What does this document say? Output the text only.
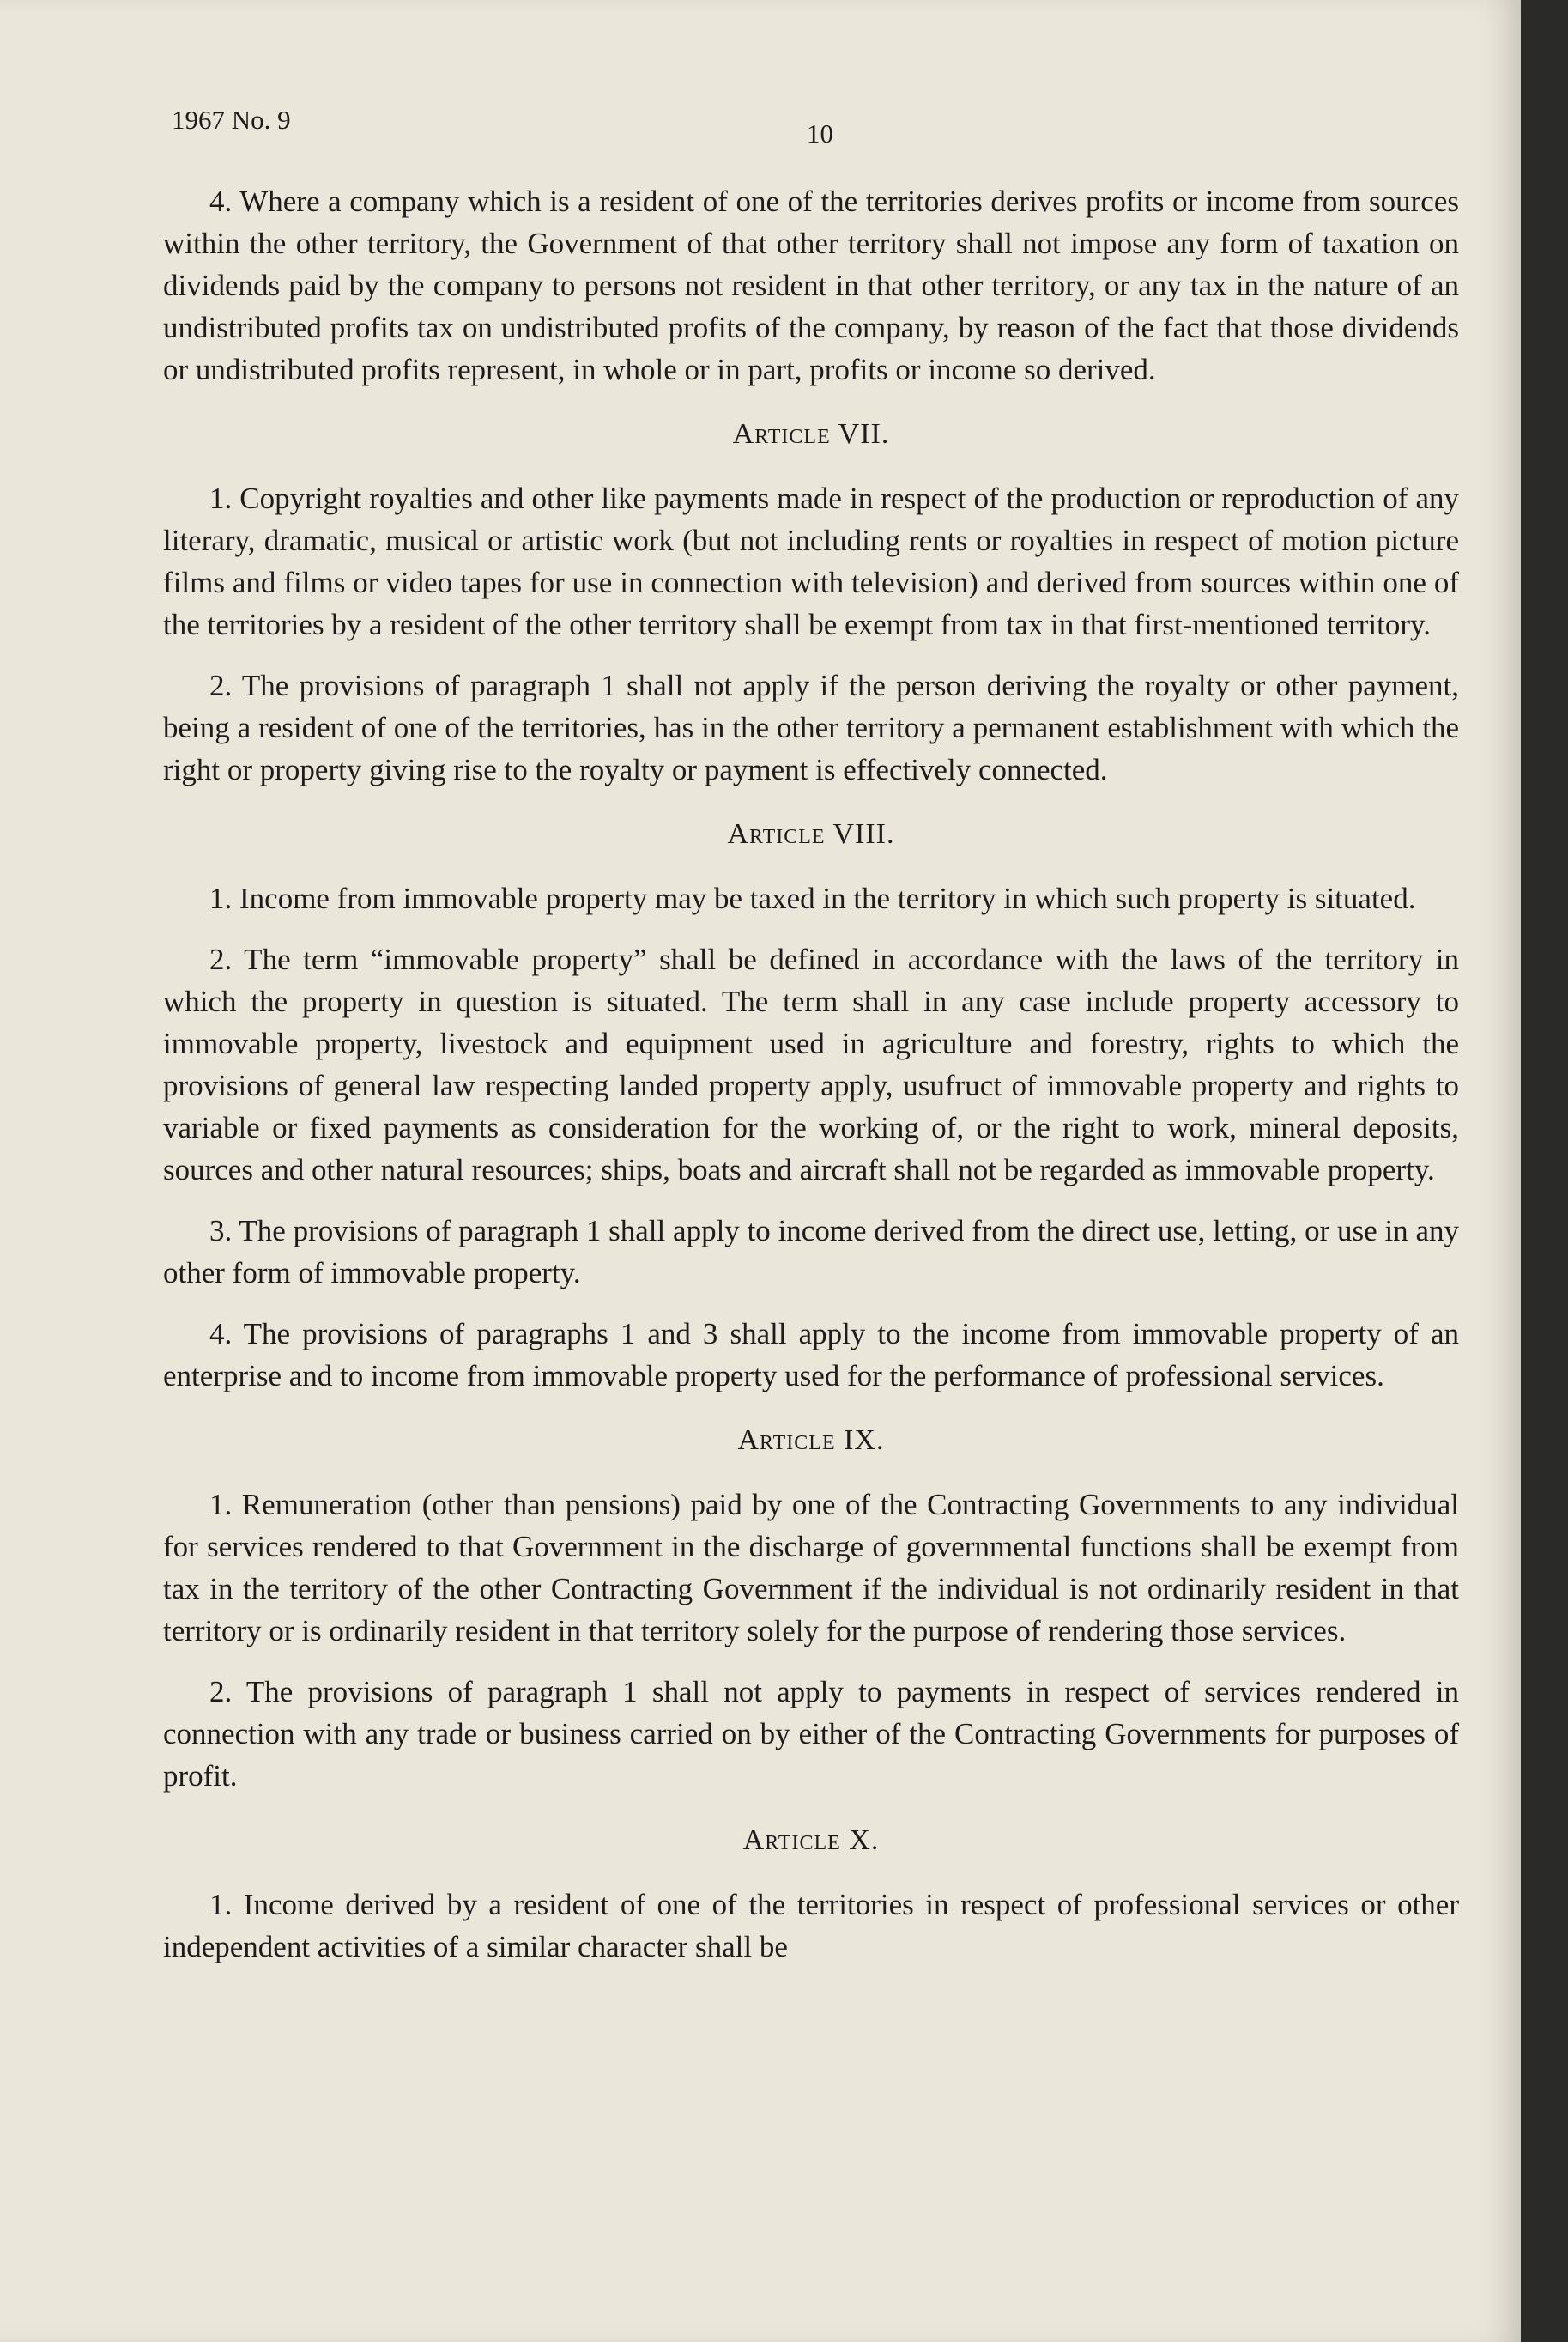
1967 No. 9	10

4. Where a company which is a resident of one of the territories derives profits or income from sources within the other territory, the Government of that other territory shall not impose any form of taxation on dividends paid by the company to persons not resident in that other territory, or any tax in the nature of an undistributed profits tax on undistributed profits of the company, by reason of the fact that those dividends or undistributed profits represent, in whole or in part, profits or income so derived.

Article VII.

1. Copyright royalties and other like payments made in respect of the production or reproduction of any literary, dramatic, musical or artistic work (but not including rents or royalties in respect of motion picture films and films or video tapes for use in connection with television) and derived from sources within one of the territories by a resident of the other territory shall be exempt from tax in that first-mentioned territory.

2. The provisions of paragraph 1 shall not apply if the person deriving the royalty or other payment, being a resident of one of the territories, has in the other territory a permanent establishment with which the right or property giving rise to the royalty or payment is effectively connected.

Article VIII.

1. Income from immovable property may be taxed in the territory in which such property is situated.

2. The term “immovable property” shall be defined in accordance with the laws of the territory in which the property in question is situated. The term shall in any case include property accessory to immovable property, livestock and equipment used in agriculture and forestry, rights to which the provisions of general law respecting landed property apply, usufruct of immovable property and rights to variable or fixed payments as consideration for the working of, or the right to work, mineral deposits, sources and other natural resources; ships, boats and aircraft shall not be regarded as immovable property.

3. The provisions of paragraph 1 shall apply to income derived from the direct use, letting, or use in any other form of immovable property.

4. The provisions of paragraphs 1 and 3 shall apply to the income from immovable property of an enterprise and to income from immovable property used for the performance of professional services.

Article IX.

1. Remuneration (other than pensions) paid by one of the Contracting Governments to any individual for services rendered to that Government in the discharge of governmental functions shall be exempt from tax in the territory of the other Contracting Government if the individual is not ordinarily resident in that territory or is ordinarily resident in that territory solely for the purpose of rendering those services.

2. The provisions of paragraph 1 shall not apply to payments in respect of services rendered in connection with any trade or business carried on by either of the Contracting Governments for purposes of profit.

Article X.

1. Income derived by a resident of one of the territories in respect of professional services or other independent activities of a similar character shall be
